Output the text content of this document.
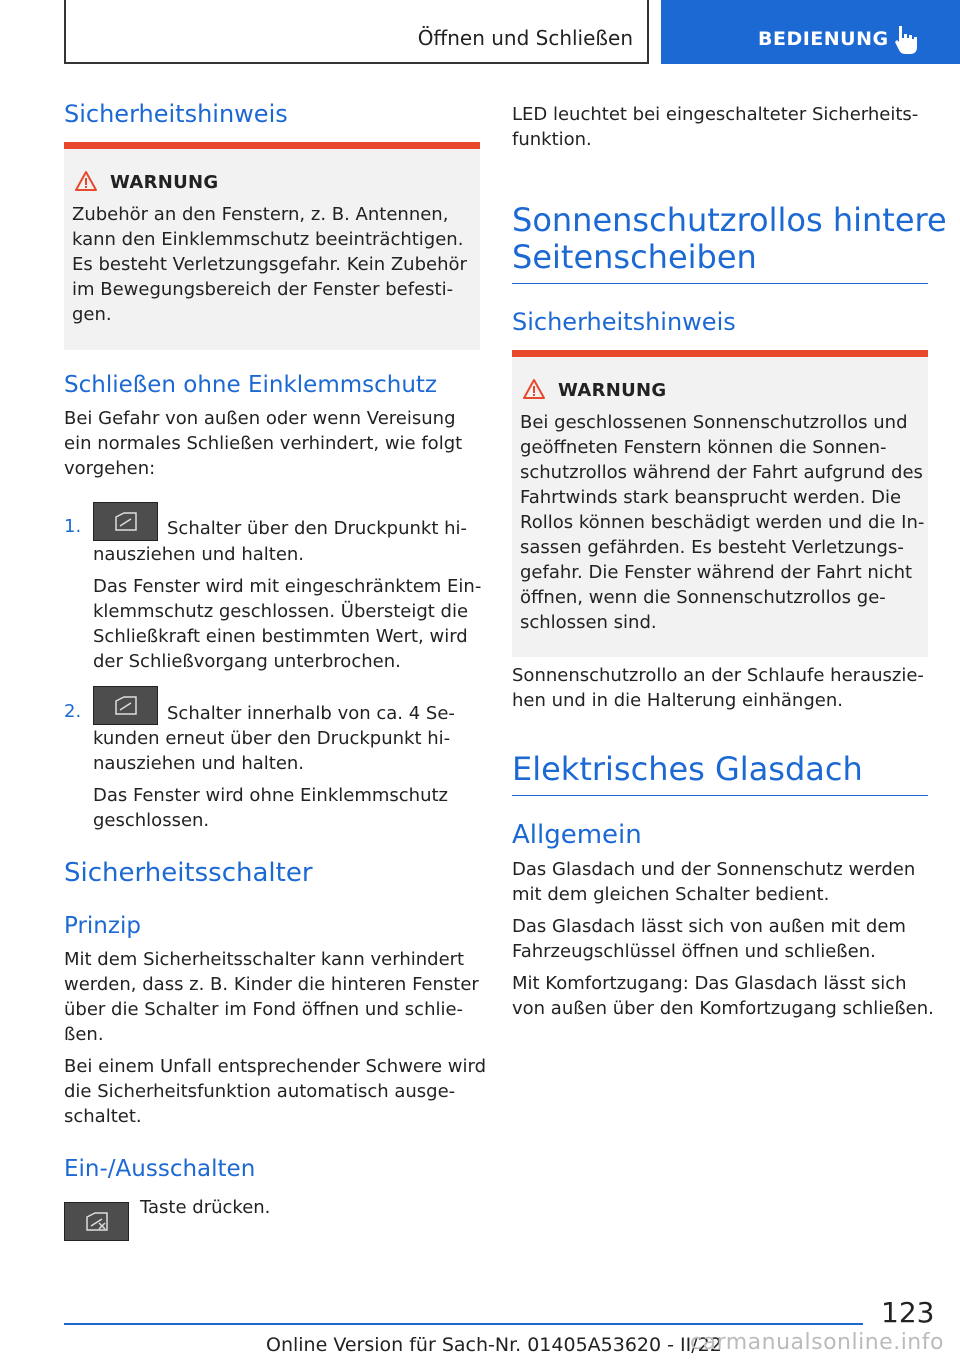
Öffnen und Schließen	BEDIENUNG
Sicherheitshinweis
WARNUNG
Zubehör an den Fenstern, z. B. Antennen,
kann den Einklemmschutz beeinträchtigen.
Es besteht Verletzungsgefahr. Kein Zubehör
im Bewegungsbereich der Fenster befesti-
gen.
Schließen ohne Einklemmschutz
Bei Gefahr von außen oder wenn Vereisung
ein normales Schließen verhindert, wie folgt
vorgehen:
1.	Schalter über den Druckpunkt hi-
nausziehen und halten.
Das Fenster wird mit eingeschränktem Ein-
klemmschutz geschlossen. Übersteigt die
Schließkraft einen bestimmten Wert, wird
der Schließvorgang unterbrochen.
2.	Schalter innerhalb von ca. 4 Se-
kunden erneut über den Druckpunkt hi-
nausziehen und halten.
Das Fenster wird ohne Einklemmschutz
geschlossen.
Sicherheitsschalter
Prinzip
Mit dem Sicherheitsschalter kann verhindert
werden, dass z. B. Kinder die hinteren Fenster
über die Schalter im Fond öffnen und schlie-
ßen.
Bei einem Unfall entsprechender Schwere wird
die Sicherheitsfunktion automatisch ausge-
schaltet.
Ein-/Ausschalten
Taste drücken.
LED leuchtet bei eingeschalteter Sicherheits-
funktion.
Sonnenschutzrollos hintere
Seitenscheiben
Sicherheitshinweis
WARNUNG
Bei geschlossenen Sonnenschutzrollos und
geöffneten Fenstern können die Sonnen-
schutzrollos während der Fahrt aufgrund des
Fahrtwinds stark beansprucht werden. Die
Rollos können beschädigt werden und die In-
sassen gefährden. Es besteht Verletzungs-
gefahr. Die Fenster während der Fahrt nicht
öffnen, wenn die Sonnenschutzrollos ge-
schlossen sind.
Sonnenschutzrollo an der Schlaufe herauszie-
hen und in die Halterung einhängen.
Elektrisches Glasdach
Allgemein
Das Glasdach und der Sonnenschutz werden
mit dem gleichen Schalter bedient.
Das Glasdach lässt sich von außen mit dem
Fahrzeugschlüssel öffnen und schließen.
Mit Komfortzugang: Das Glasdach lässt sich
von außen über den Komfortzugang schließen.
123
Online Version für Sach-Nr. 01405A53620 - II/22
carmanualsonline.info
